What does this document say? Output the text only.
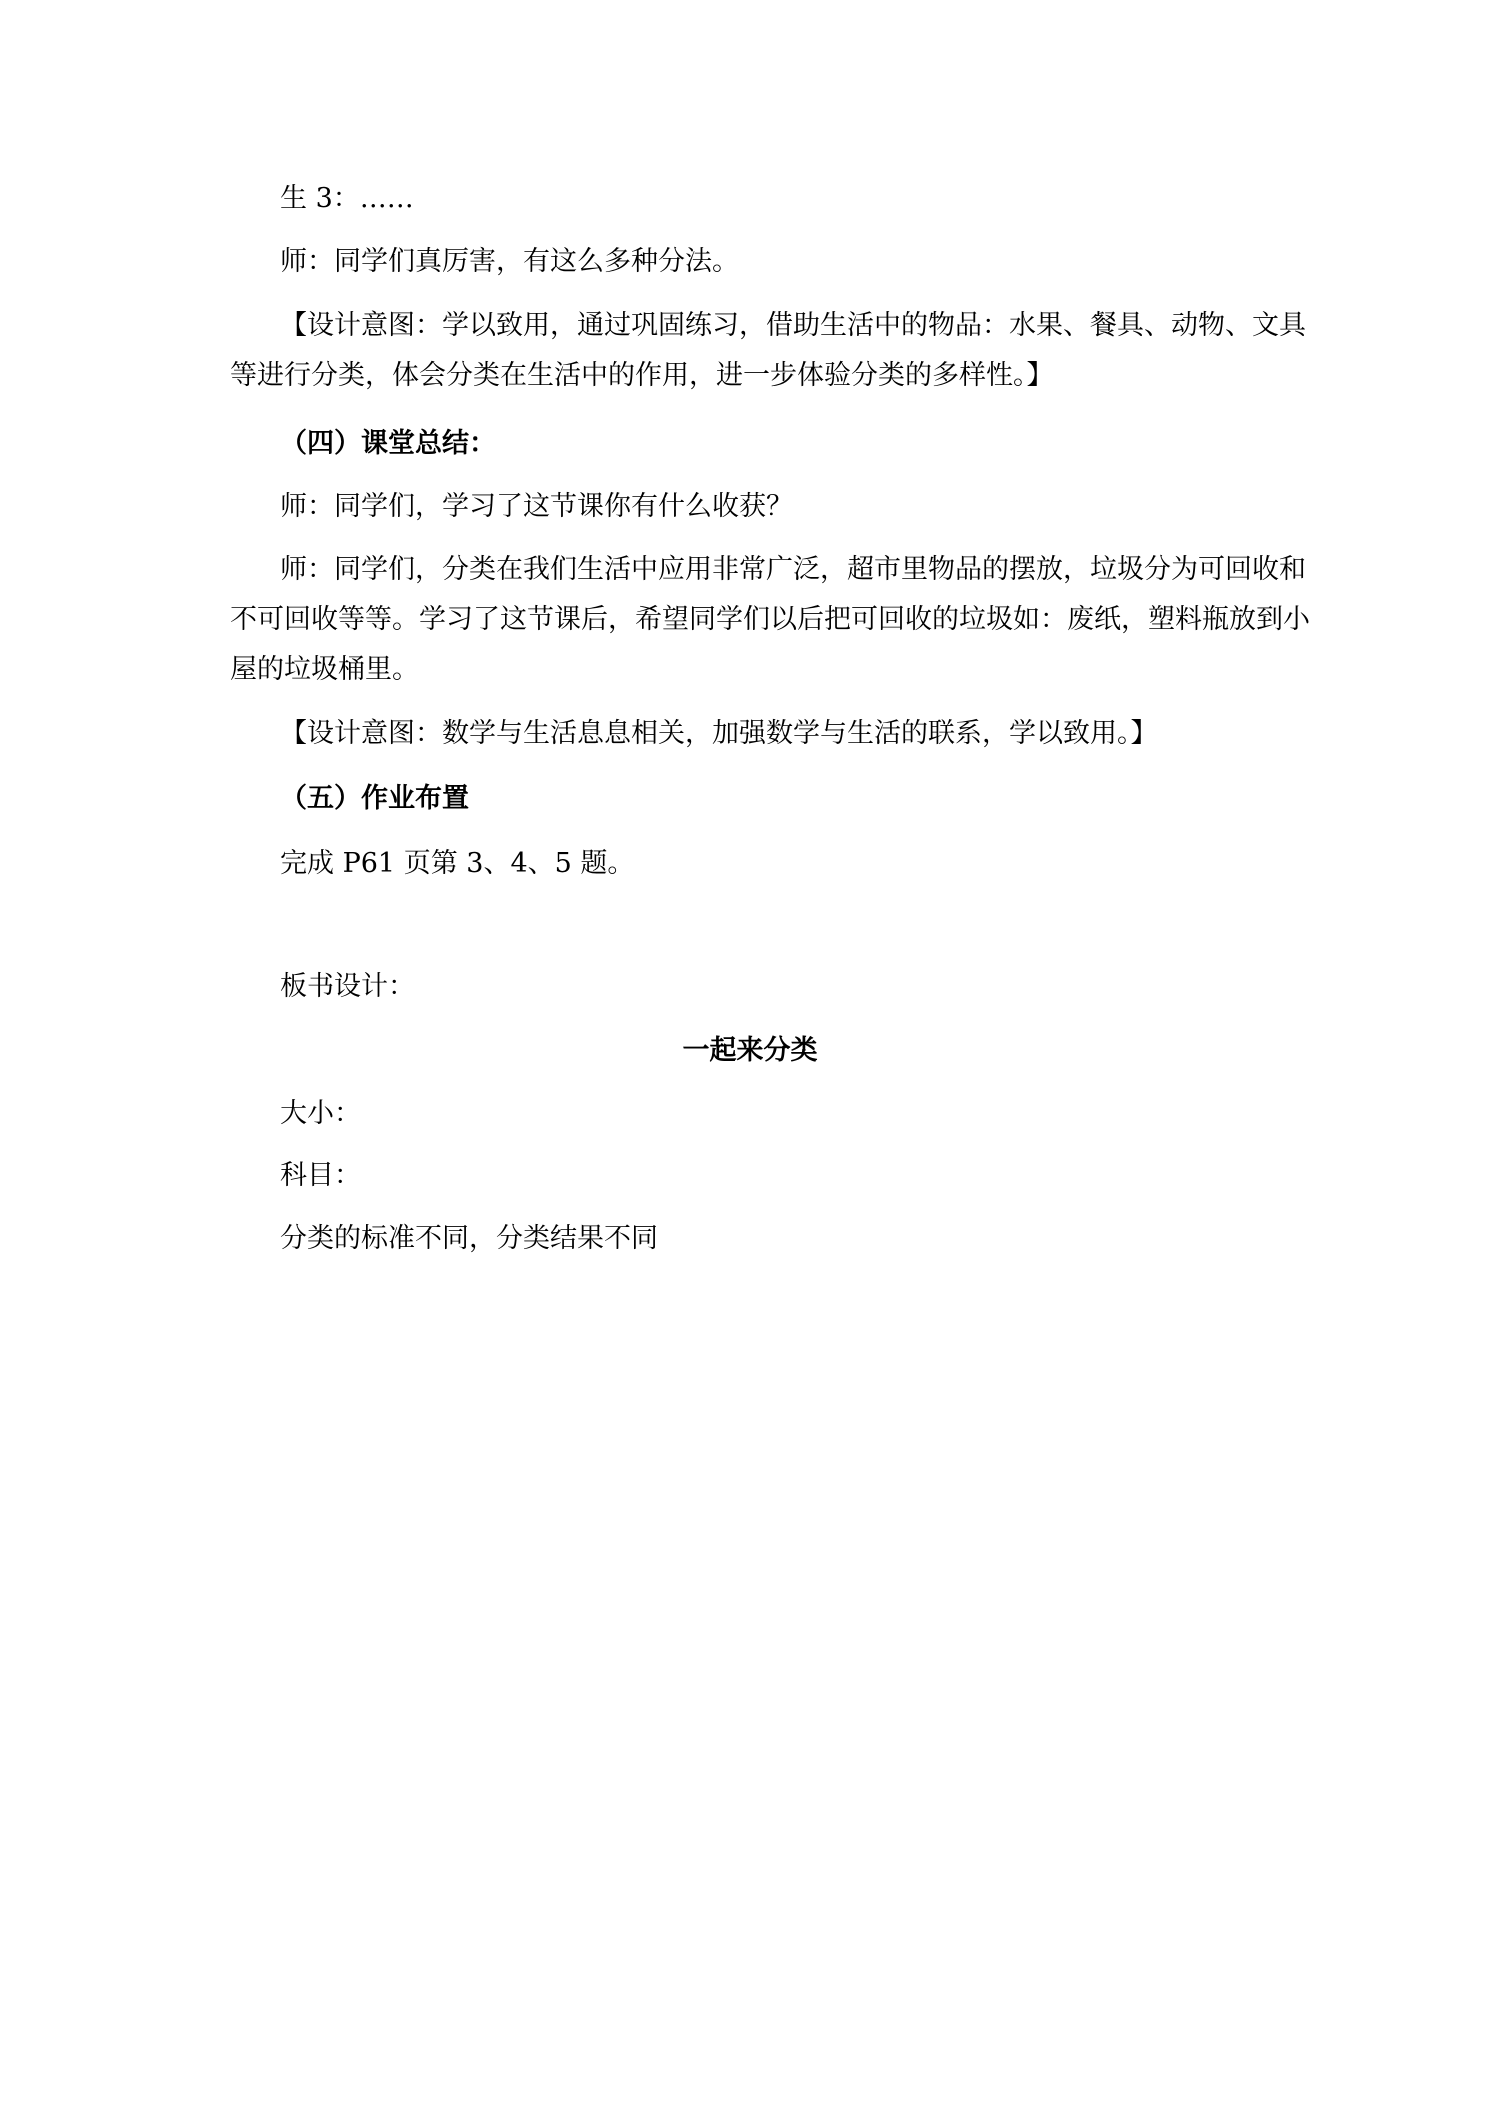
生 3：……
师：同学们真厉害，有这么多种分法。
【设计意图：学以致用，通过巩固练习，借助生活中的物品：水果、餐具、动物、文具
等进行分类，体会分类在生活中的作用，进一步体验分类的多样性。】
（四）课堂总结：
师：同学们，学习了这节课你有什么收获？
师：同学们，分类在我们生活中应用非常广泛，超市里物品的摆放，垃圾分为可回收和
不可回收等等。学习了这节课后，希望同学们以后把可回收的垃圾如：废纸，塑料瓶放到小
屋的垃圾桶里。
【设计意图：数学与生活息息相关，加强数学与生活的联系，学以致用。】
（五）作业布置
完成 P61 页第 3、4、5 题。
板书设计：
一起来分类
大小：
科目：
分类的标准不同，分类结果不同
